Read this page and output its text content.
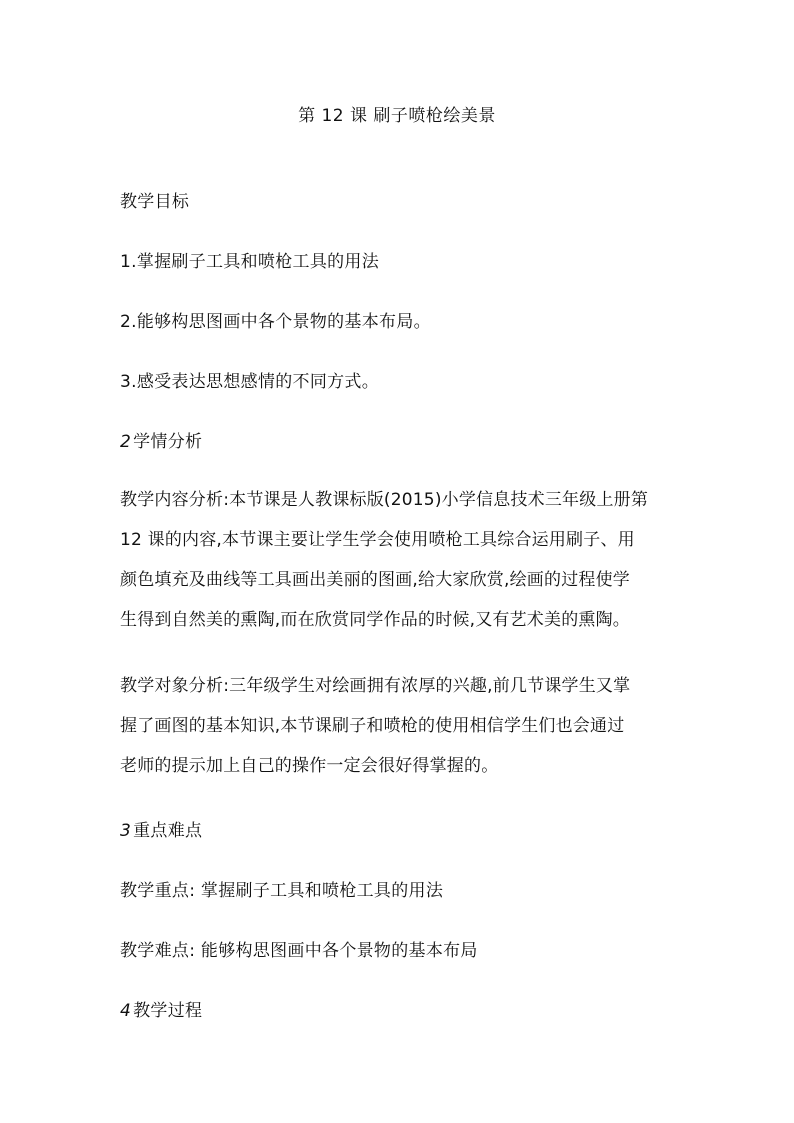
第 12 课 刷子喷枪绘美景

教学目标

1.掌握刷子工具和喷枪工具的用法

2.能够构思图画中各个景物的基本布局。

3.感受表达思想感情的不同方式。

2 学情分析

教学内容分析:本节课是人教课标版(2015)小学信息技术三年级上册第
12 课的内容,本节课主要让学生学会使用喷枪工具综合运用刷子、用
颜色填充及曲线等工具画出美丽的图画,给大家欣赏,绘画的过程使学
生得到自然美的熏陶,而在欣赏同学作品的时候,又有艺术美的熏陶。
教学对象分析:三年级学生对绘画拥有浓厚的兴趣,前几节课学生又掌
握了画图的基本知识,本节课刷子和喷枪的使用相信学生们也会通过
老师的提示加上自己的操作一定会很好得掌握的。

3 重点难点

教学重点: 掌握刷子工具和喷枪工具的用法

教学难点: 能够构思图画中各个景物的基本布局

4 教学过程
